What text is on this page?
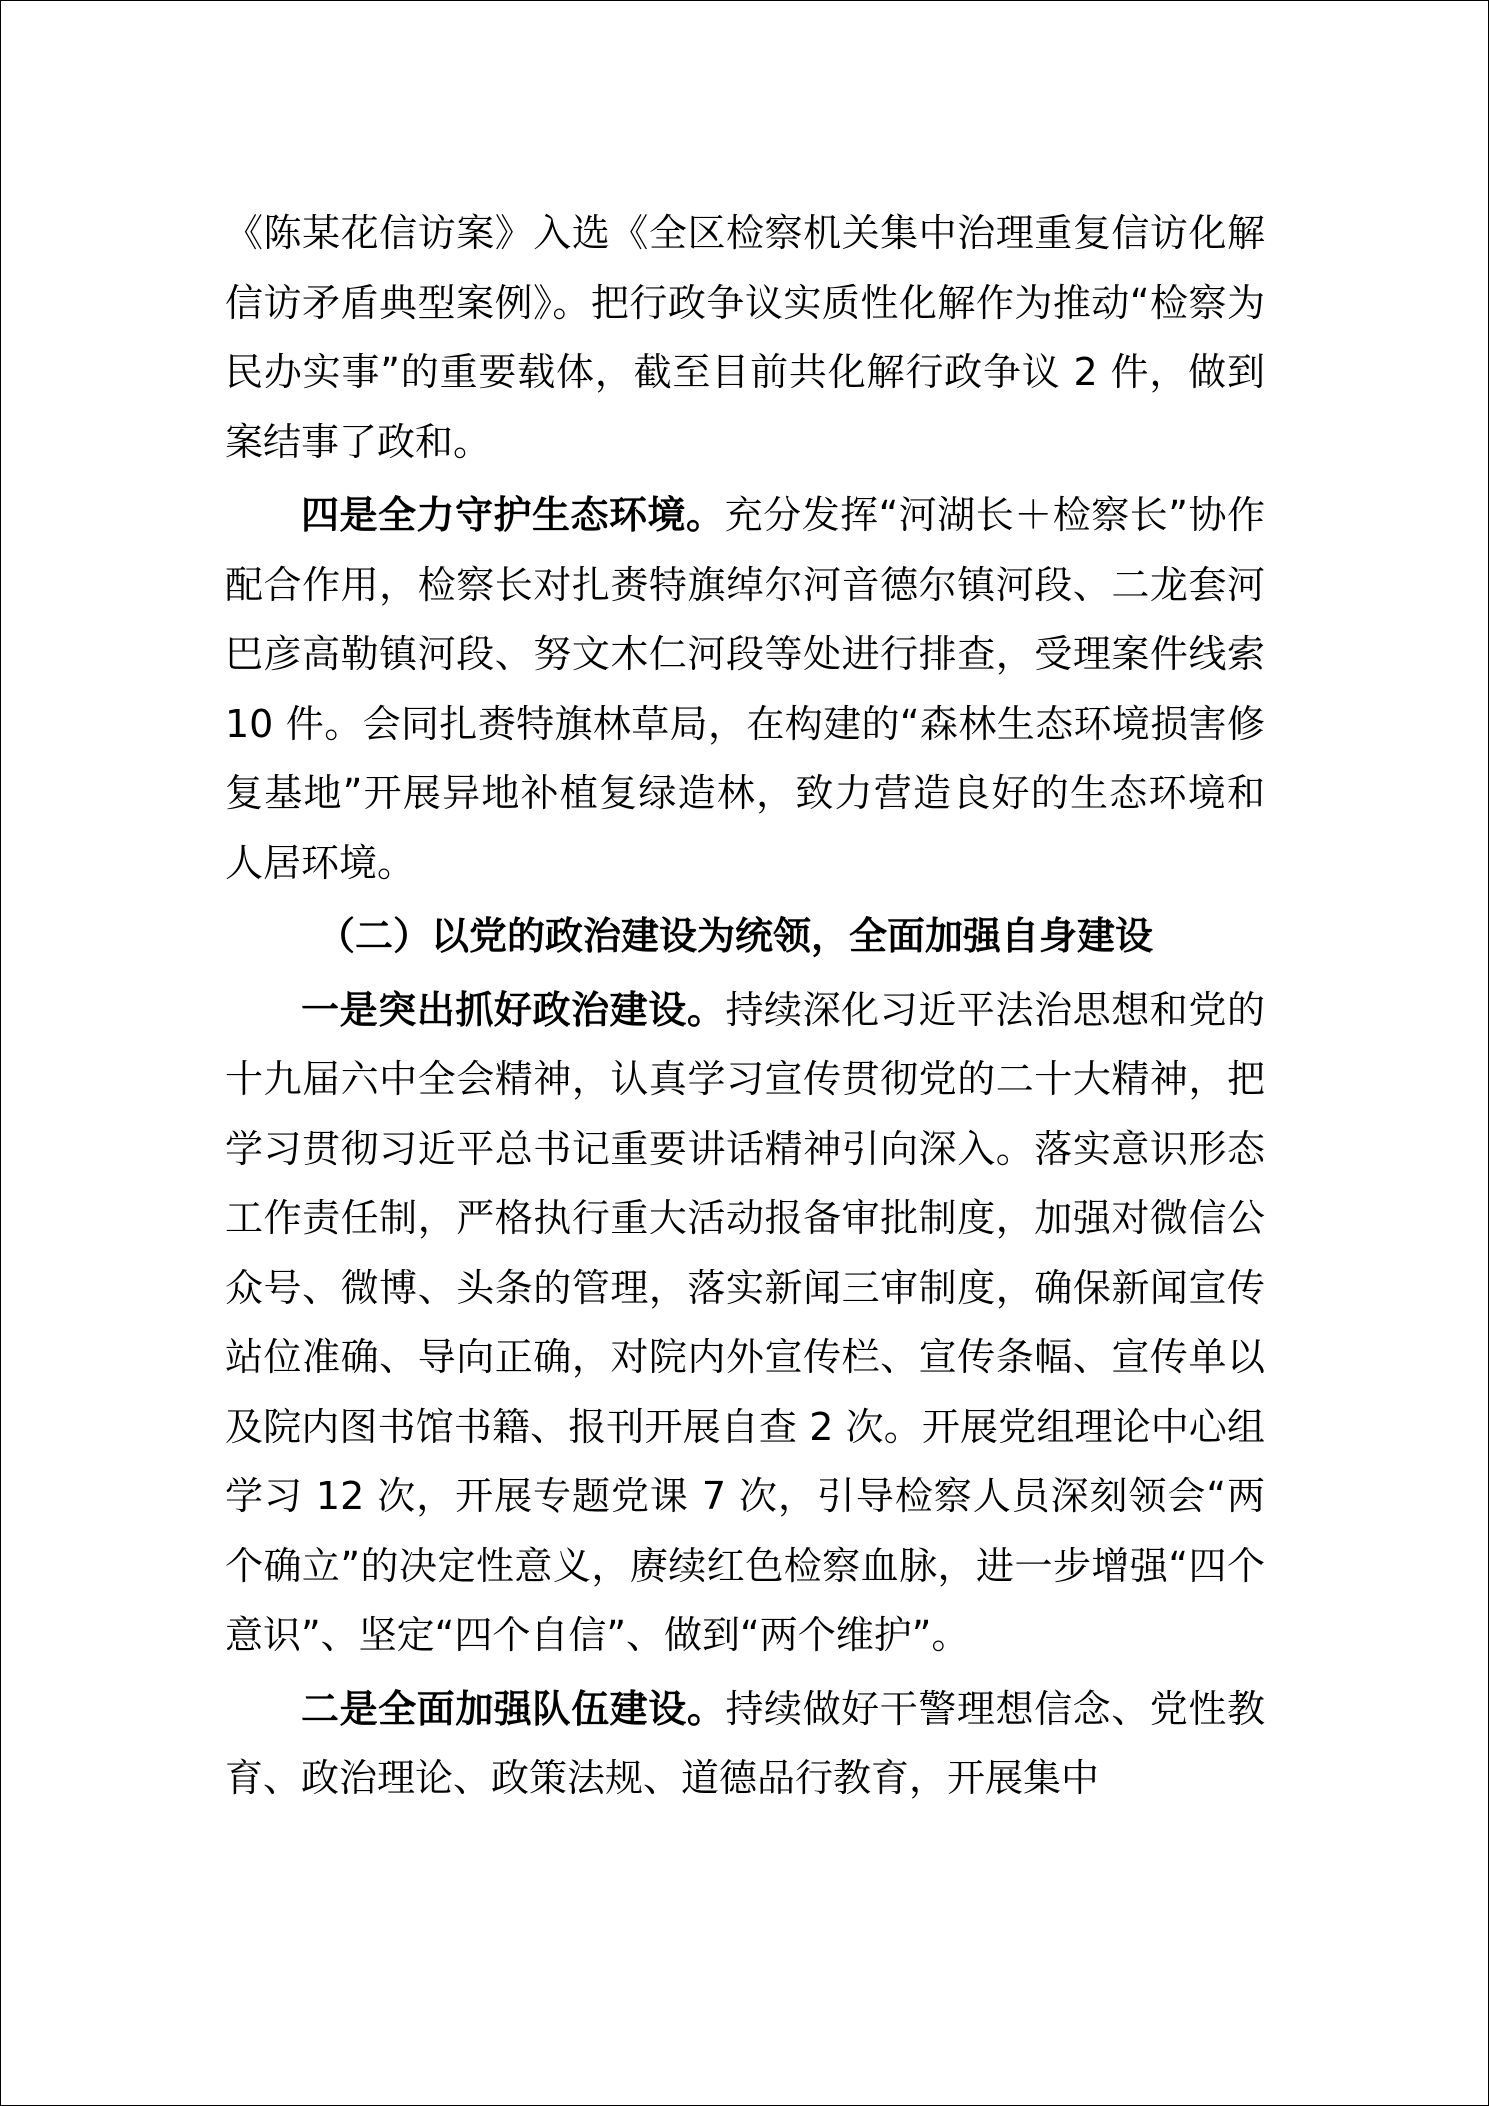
《陈某花信访案》入选《全区检察机关集中治理重复信访化解信访矛盾典型案例》。把行政争议实质性化解作为推动“检察为民办实事”的重要载体，截至目前共化解行政争议 2 件，做到案结事了政和。

四是全力守护生态环境。充分发挥“河湖长＋检察长”协作配合作用，检察长对扎赉特旗绰尔河音德尔镇河段、二龙套河巴彦高勒镇河段、努文木仁河段等处进行排查，受理案件线索 10 件。会同扎赉特旗林草局，在构建的“森林生态环境损害修复基地”开展异地补植复绿造林，致力营造良好的生态环境和人居环境。

（二）以党的政治建设为统领，全面加强自身建设

一是突出抓好政治建设。持续深化习近平法治思想和党的十九届六中全会精神，认真学习宣传贯彻党的二十大精神，把学习贯彻习近平总书记重要讲话精神引向深入。落实意识形态工作责任制，严格执行重大活动报备审批制度，加强对微信公众号、微博、头条的管理，落实新闻三审制度，确保新闻宣传站位准确、导向正确，对院内外宣传栏、宣传条幅、宣传单以及院内图书馆书籍、报刊开展自查 2 次。开展党组理论中心组学习 12 次，开展专题党课 7 次，引导检察人员深刻领会“两个确立”的决定性意义，赓续红色检察血脉，进一步增强“四个意识”、坚定“四个自信”、做到“两个维护”。

二是全面加强队伍建设。持续做好干警理想信念、党性教育、政治理论、政策法规、道德品行教育，开展集中
